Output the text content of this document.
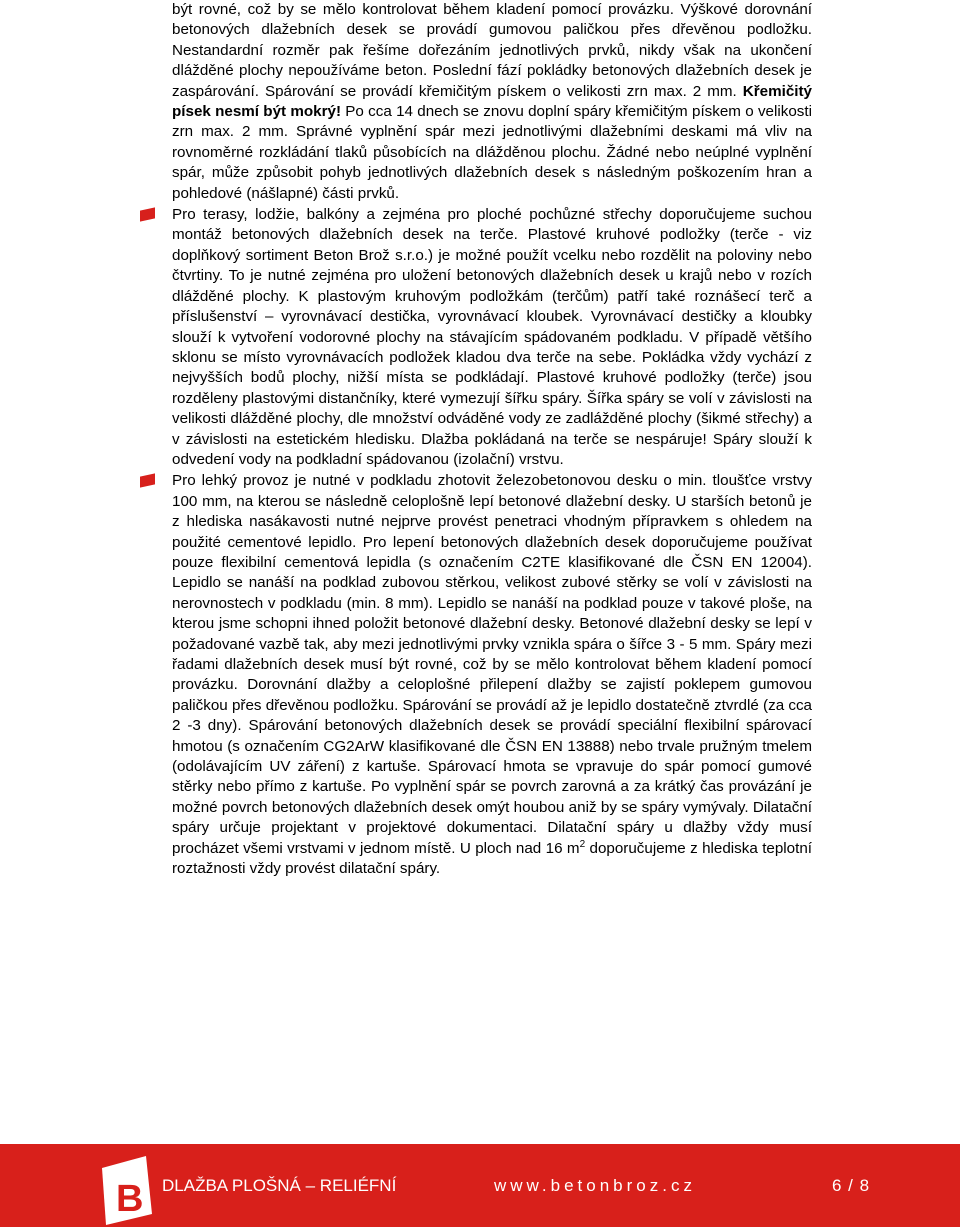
být rovné, což by se mělo kontrolovat během kladení pomocí provázku. Výškové dorovnání betonových dlažebních desek se provádí gumovou paličkou přes dřevěnou podložku. Nestandardní rozměr pak řešíme dořezáním jednotlivých prvků, nikdy však na ukončení dlážděné plochy nepoužíváme beton. Poslední fází pokládky betonových dlažebních desek je zaspárování. Spárování se provádí křemičitým pískem o velikosti zrn max. 2 mm. Křemičitý písek nesmí být mokrý! Po cca 14 dnech se znovu doplní spáry křemičitým pískem o velikosti zrn max. 2 mm. Správné vyplnění spár mezi jednotlivými dlažebními deskami má vliv na rovnoměrné rozkládání tlaků působících na dlážděnou plochu. Žádné nebo neúplné vyplnění spár, může způsobit pohyb jednotlivých dlažebních desek s následným poškozením hran a pohledové (nášlapné) části prvků.

Pro terasy, lodžie, balkóny a zejména pro ploché pochůzné střechy doporučujeme suchou montáž betonových dlažebních desek na terče. Plastové kruhové podložky (terče - viz doplňkový sortiment Beton Brož s.r.o.) je možné použít vcelku nebo rozdělit na poloviny nebo čtvrtiny. To je nutné zejména pro uložení betonových dlažebních desek u krajů nebo v rozích dlážděné plochy. K plastovým kruhovým podložkám (terčům) patří také roznášecí terč a příslušenství – vyrovnávací destička, vyrovnávací kloubek. Vyrovnávací destičky a kloubky slouží k vytvoření vodorovné plochy na stávajícím spádovaném podkladu. V případě většího sklonu se místo vyrovnávacích podložek kladou dva terče na sebe. Pokládka vždy vychází z nejvyšších bodů plochy, nižší místa se podkládají. Plastové kruhové podložky (terče) jsou rozděleny plastovými distančníky, které vymezují šířku spáry. Šířka spáry se volí v závislosti na velikosti dlážděné plochy, dle množství odváděné vody ze zadlážděné plochy (šikmé střechy) a v závislosti na estetickém hledisku. Dlažba pokládaná na terče se nespáruje! Spáry slouží k odvedení vody na podkladní spádovanou (izolační) vrstvu.

Pro lehký provoz je nutné v podkladu zhotovit železobetonovou desku o min. tloušťce vrstvy 100 mm, na kterou se následně celoplošně lepí betonové dlažební desky. U starších betonů je z hlediska nasákavosti nutné nejprve provést penetraci vhodným přípravkem s ohledem na použité cementové lepidlo. Pro lepení betonových dlažebních desek doporučujeme používat pouze flexibilní cementová lepidla (s označením C2TE klasifikované dle ČSN EN 12004). Lepidlo se nanáší na podklad zubovou stěrkou, velikost zubové stěrky se volí v závislosti na nerovnostech v podkladu (min. 8 mm). Lepidlo se nanáší na podklad pouze v takové ploše, na kterou jsme schopni ihned položit betonové dlažební desky. Betonové dlažební desky se lepí v požadované vazbě tak, aby mezi jednotlivými prvky vznikla spára o šířce 3 - 5 mm. Spáry mezi řadami dlažebních desek musí být rovné, což by se mělo kontrolovat během kladení pomocí provázku. Dorovnání dlažby a celoplošné přilepení dlažby se zajistí poklepem gumovou paličkou přes dřevěnou podložku. Spárování se provádí až je lepidlo dostatečně ztvrdlé (za cca 2 -3 dny). Spárování betonových dlažebních desek se provádí speciální flexibilní spárovací hmotou (s označením CG2ArW klasifikované dle ČSN EN 13888) nebo trvale pružným tmelem (odolávajícím UV záření) z kartuše. Spárovací hmota se vpravuje do spár pomocí gumové stěrky nebo přímo z kartuše. Po vyplnění spár se povrch zarovná a za krátký čas provázání je možné povrch betonových dlažebních desek omýt houbou aniž by se spáry vymývaly. Dilatační spáry určuje projektant v projektové dokumentaci. Dilatační spáry u dlažby vždy musí procházet všemi vrstvami v jednom místě. U ploch nad 16 $m^2$ doporučujeme z hlediska teplotní roztažnosti vždy provést dilatační spáry.

B DLAŽBA PLOŠNÁ – RELIÉFNÍ	www.betonbroz.cz	6 / 8
